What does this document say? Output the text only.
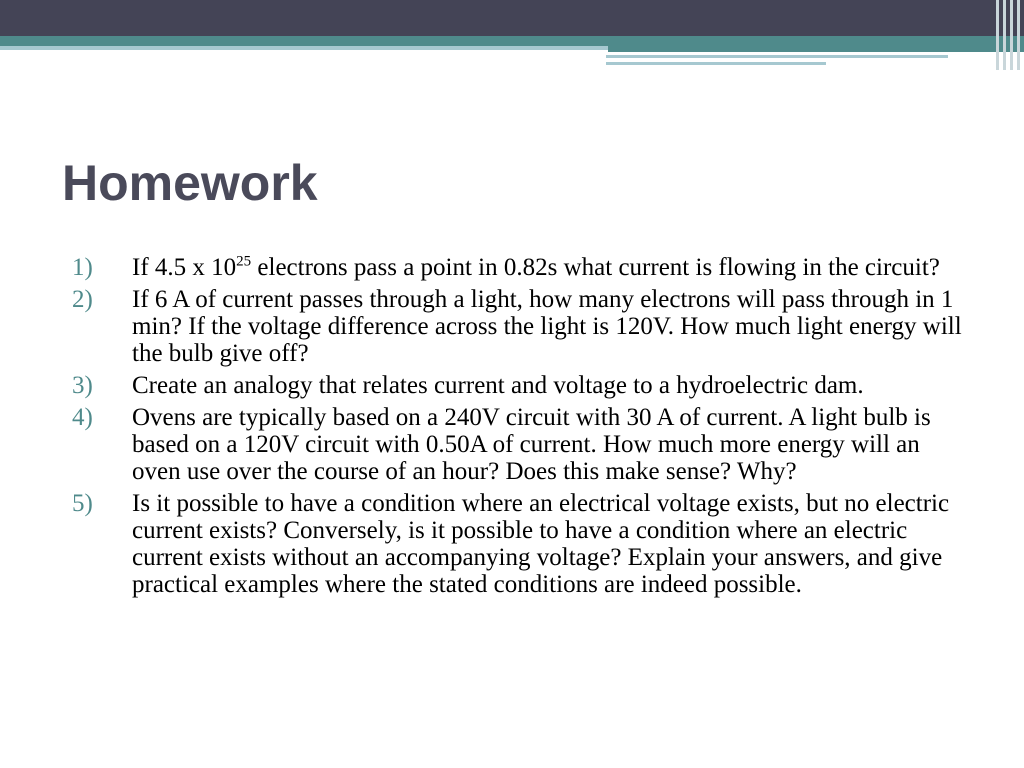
Homework
1) If 4.5 x $10^{25}$ electrons pass a point in 0.82s what current is flowing in the circuit?
2) If 6 A of current passes through a light, how many electrons will pass through in 1 min? If the voltage difference across the light is 120V. How much light energy will the bulb give off?
3) Create an analogy that relates current and voltage to a hydroelectric dam.
4) Ovens are typically based on a 240V circuit with 30 A of current. A light bulb is based on a 120V circuit with 0.50A of current. How much more energy will an oven use over the course of an hour? Does this make sense? Why?
5) Is it possible to have a condition where an electrical voltage exists, but no electric current exists? Conversely, is it possible to have a condition where an electric current exists without an accompanying voltage? Explain your answers, and give practical examples where the stated conditions are indeed possible.
